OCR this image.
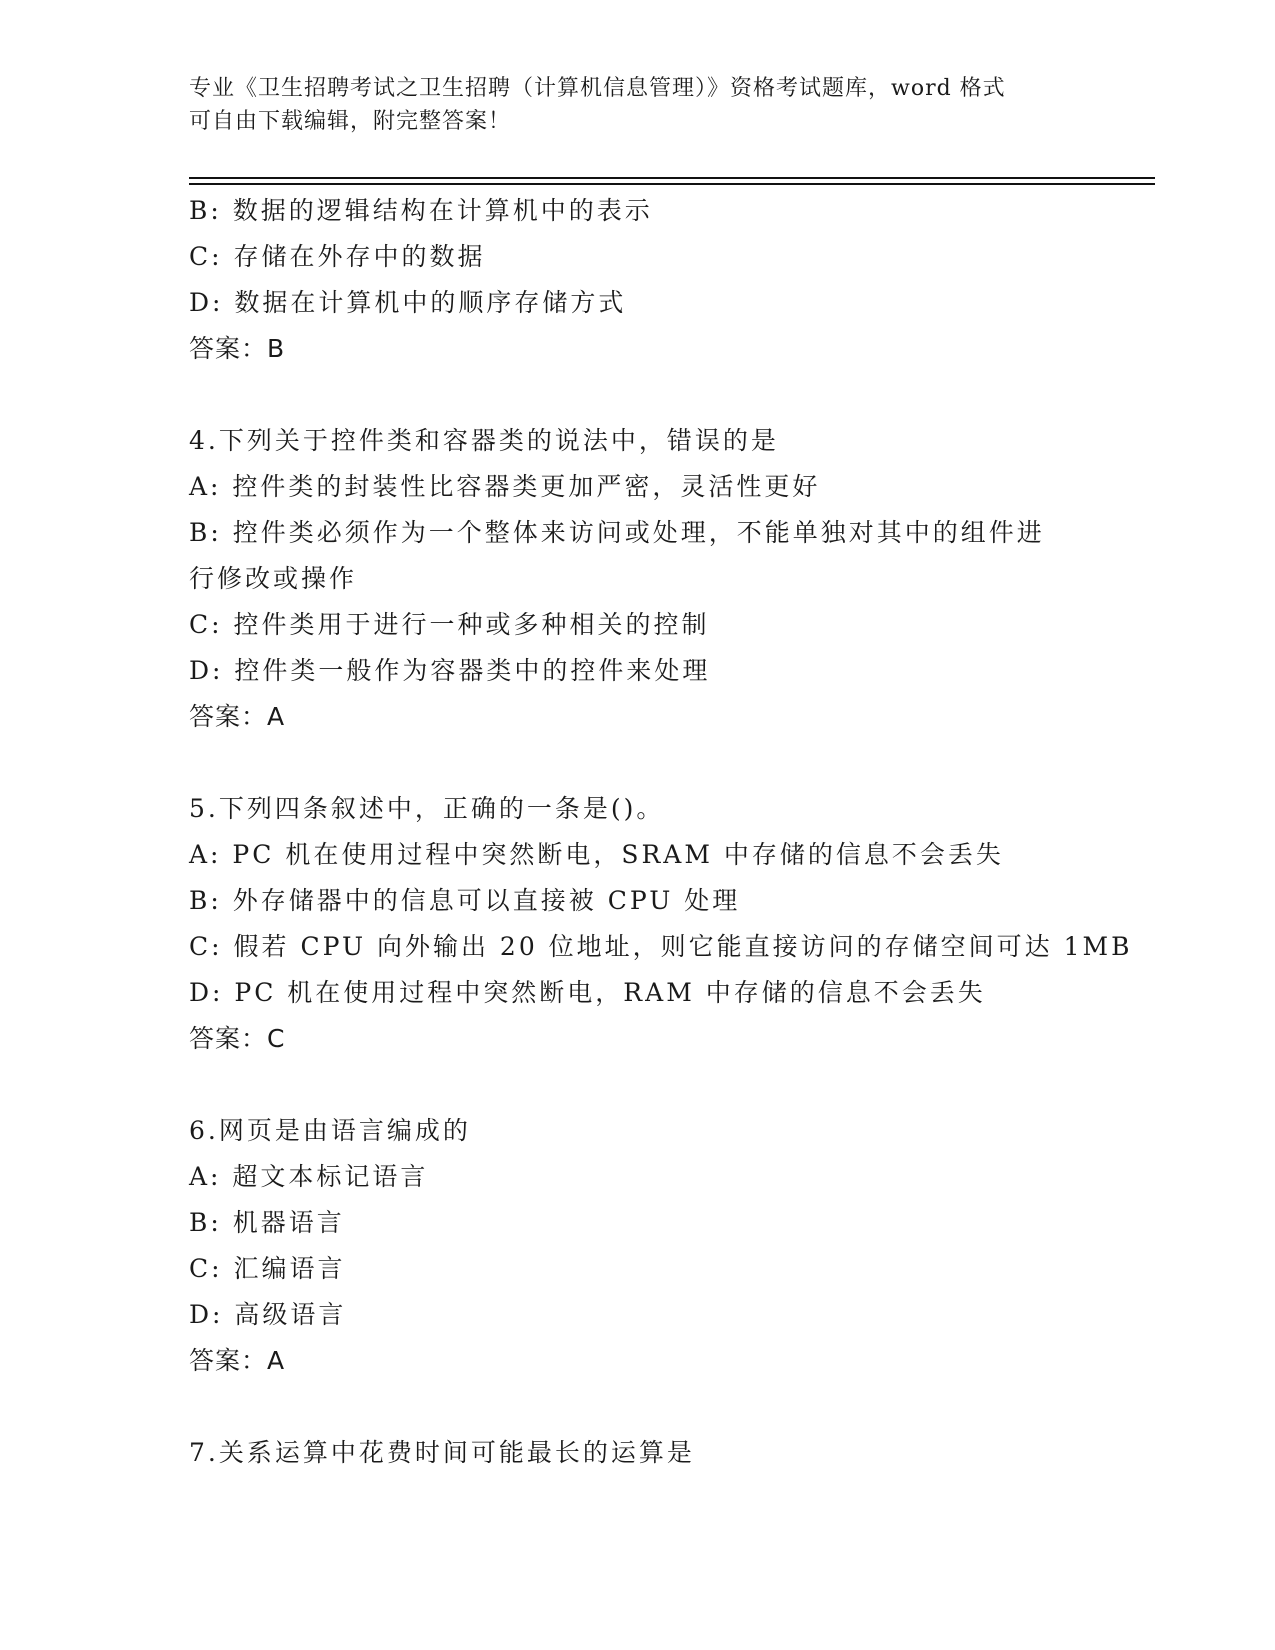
专业《卫生招聘考试之卫生招聘（计算机信息管理）》资格考试题库，word 格式
可自由下载编辑，附完整答案！
B: 数据的逻辑结构在计算机中的表示
C: 存储在外存中的数据
D: 数据在计算机中的顺序存储方式
答案：B
4.下列关于控件类和容器类的说法中，错误的是
A: 控件类的封装性比容器类更加严密，灵活性更好
B: 控件类必须作为一个整体来访问或处理，不能单独对其中的组件进
行修改或操作
C: 控件类用于进行一种或多种相关的控制
D: 控件类一般作为容器类中的控件来处理
答案：A
5.下列四条叙述中，正确的一条是()。
A: PC 机在使用过程中突然断电，SRAM 中存储的信息不会丢失
B: 外存储器中的信息可以直接被 CPU 处理
C: 假若 CPU 向外输出 20 位地址，则它能直接访问的存储空间可达 1MB
D: PC 机在使用过程中突然断电，RAM 中存储的信息不会丢失
答案：C
6.网页是由语言编成的
A: 超文本标记语言
B: 机器语言
C: 汇编语言
D: 高级语言
答案：A
7.关系运算中花费时间可能最长的运算是
